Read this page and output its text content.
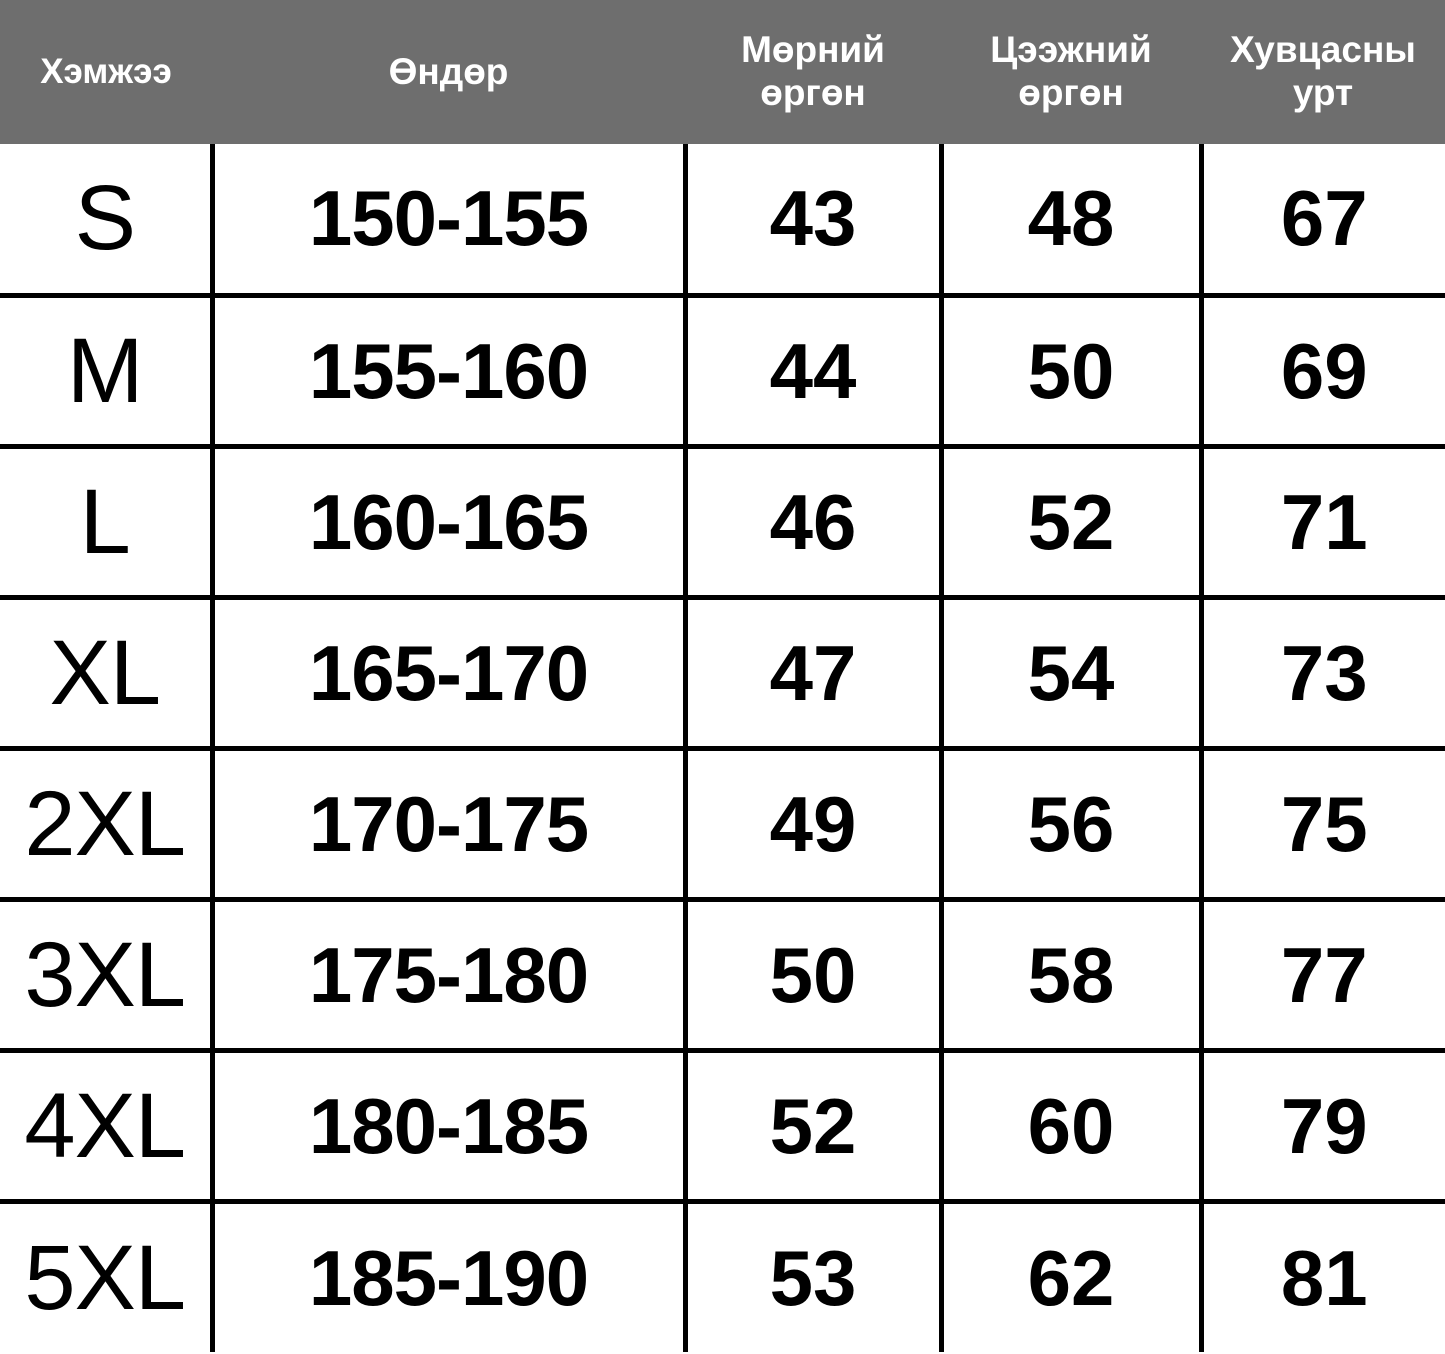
Хэмжээ	Өндөр	Мөрний өргөн	Цээжний өргөн	Хувцасны урт
S	150-155	43	48	67
M	155-160	44	50	69
L	160-165	46	52	71
XL	165-170	47	54	73
2XL	170-175	49	56	75
3XL	175-180	50	58	77
4XL	180-185	52	60	79
5XL	185-190	53	62	81
